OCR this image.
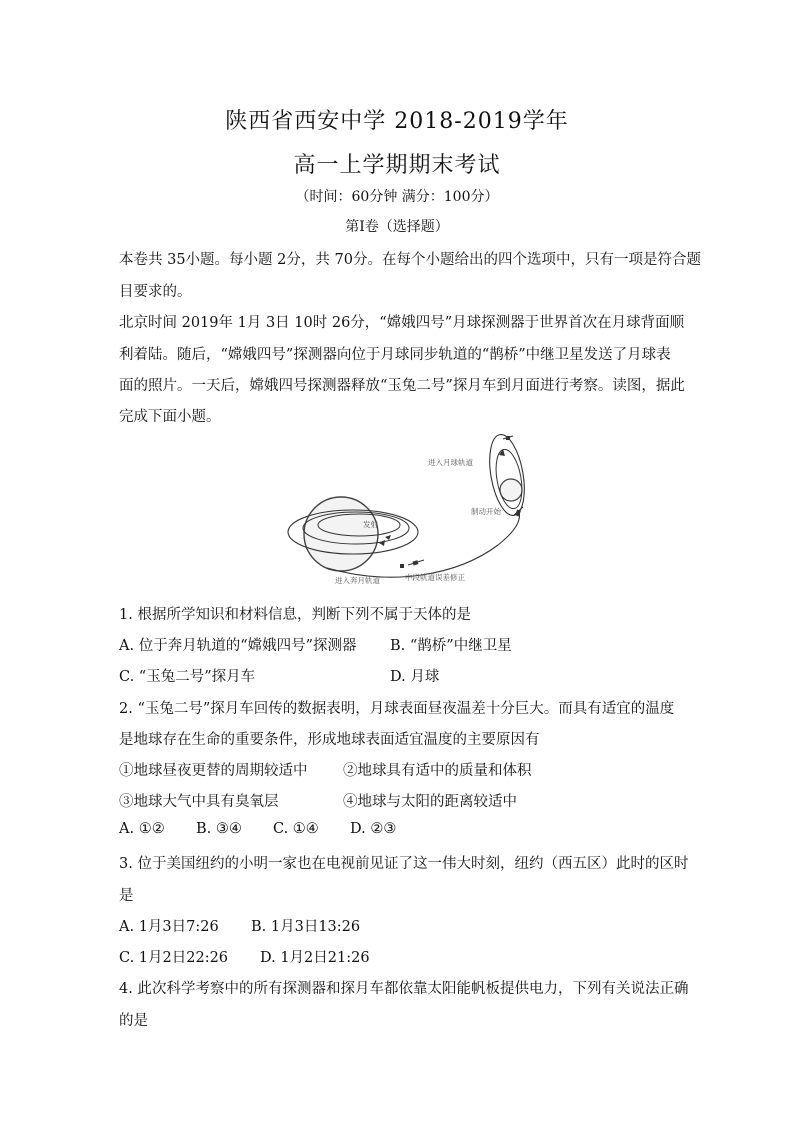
陕西省西安中学 2018-2019学年
高一上学期期末考试
（时间：60分钟 满分：100分）
第Ⅰ卷（选择题）
本卷共 35小题。每小题 2分，共 70分。在每个小题给出的四个选项中，只有一项是符合题
目要求的。
北京时间 2019年 1月 3日 10时 26分，“嫦娥四号”月球探测器于世界首次在月球背面顺
利着陆。随后，“嫦娥四号”探测器向位于月球同步轨道的“鹊桥”中继卫星发送了月球表
面的照片。一天后，嫦娥四号探测器释放“玉兔二号”探月车到月面进行考察。读图，据此
完成下面小题。
进入月球轨道
发射
制动开始
进入奔月轨道	中段轨道误差修正
1. 根据所学知识和材料信息，判断下列不属于天体的是
A. 位于奔月轨道的“嫦娥四号”探测器 B. “鹊桥”中继卫星
C. “玉兔二号”探月车	D. 月球
2. “玉兔二号”探月车回传的数据表明，月球表面昼夜温差十分巨大。而具有适宜的温度
是地球存在生命的重要条件，形成地球表面适宜温度的主要原因有
①地球昼夜更替的周期较适中 ②地球具有适中的质量和体积
③地球大气中具有臭氧层	④地球与太阳的距离较适中
A. ①② B. ③④ C. ①④ D. ②③
3. 位于美国纽约的小明一家也在电视前见证了这一伟大时刻，纽约（西五区）此时的区时
是
A. 1月3日7:26 B. 1月3日13:26
C. 1月2日22:26 D. 1月2日21:26
4. 此次科学考察中的所有探测器和探月车都依靠太阳能帆板提供电力，下列有关说法正确
的是
